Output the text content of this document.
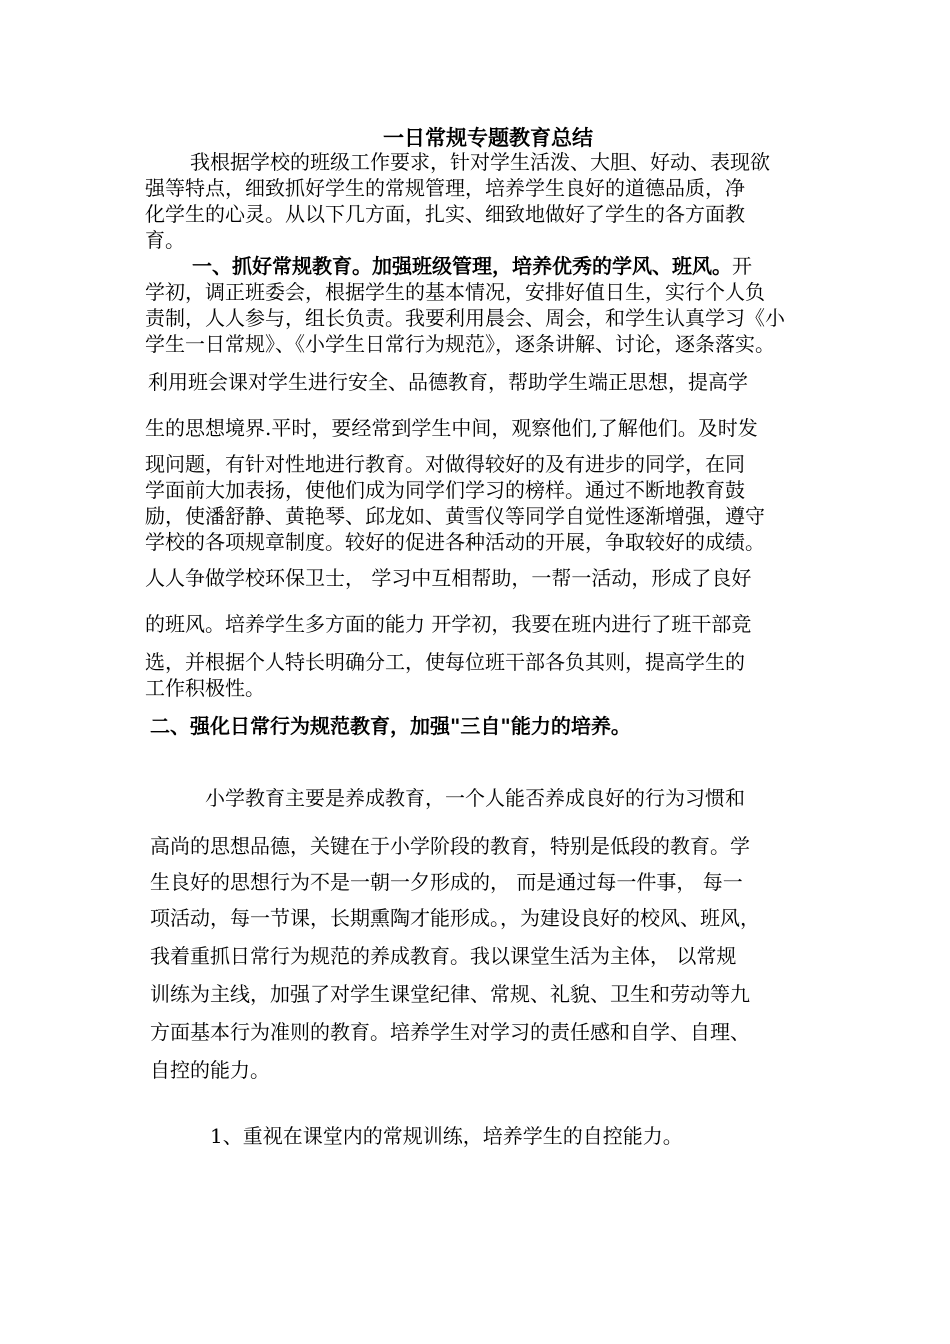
一日常规专题教育总结
我根据学校的班级工作要求，针对学生活泼、大胆、好动、表现欲
强等特点，细致抓好学生的常规管理，培养学生良好的道德品质，净
化学生的心灵。从以下几方面，扎实、细致地做好了学生的各方面教
育。
一、抓好常规教育。加强班级管理，培养优秀的学风、班风。开
学初，调正班委会，根据学生的基本情况，安排好值日生，实行个人负
责制，人人参与，组长负责。我要利用晨会、周会，和学生认真学习《小
学生一日常规》、《小学生日常行为规范》，逐条讲解、讨论，逐条落实。
利用班会课对学生进行安全、品德教育，帮助学生端正思想，提高学
生的思想境界.平时，要经常到学生中间，观察他们,了解他们。及时发
现问题，有针对性地进行教育。对做得较好的及有进步的同学，在同
学面前大加表扬，使他们成为同学们学习的榜样。通过不断地教育鼓
励，使潘舒静、黄艳琴、邱龙如、黄雪仪等同学自觉性逐渐增强，遵守
学校的各项规章制度。较好的促进各种活动的开展，争取较好的成绩。
人人争做学校环保卫士， 学习中互相帮助，一帮一活动，形成了良好
的班风。培养学生多方面的能力 开学初，我要在班内进行了班干部竞
选，并根据个人特长明确分工，使每位班干部各负其则，提高学生的
工作积极性。
二、强化日常行为规范教育，加强"三自"能力的培养。
小学教育主要是养成教育，一个人能否养成良好的行为习惯和
高尚的思想品德，关键在于小学阶段的教育，特别是低段的教育。学
生良好的思想行为不是一朝一夕形成的， 而是通过每一件事， 每一
项活动，每一节课，长期熏陶才能形成。，为建设良好的校风、班风，
我着重抓日常行为规范的养成教育。我以课堂生活为主体， 以常规
训练为主线，加强了对学生课堂纪律、常规、礼貌、卫生和劳动等九
方面基本行为准则的教育。培养学生对学习的责任感和自学、自理、
自控的能力。
1、重视在课堂内的常规训练，培养学生的自控能力。
